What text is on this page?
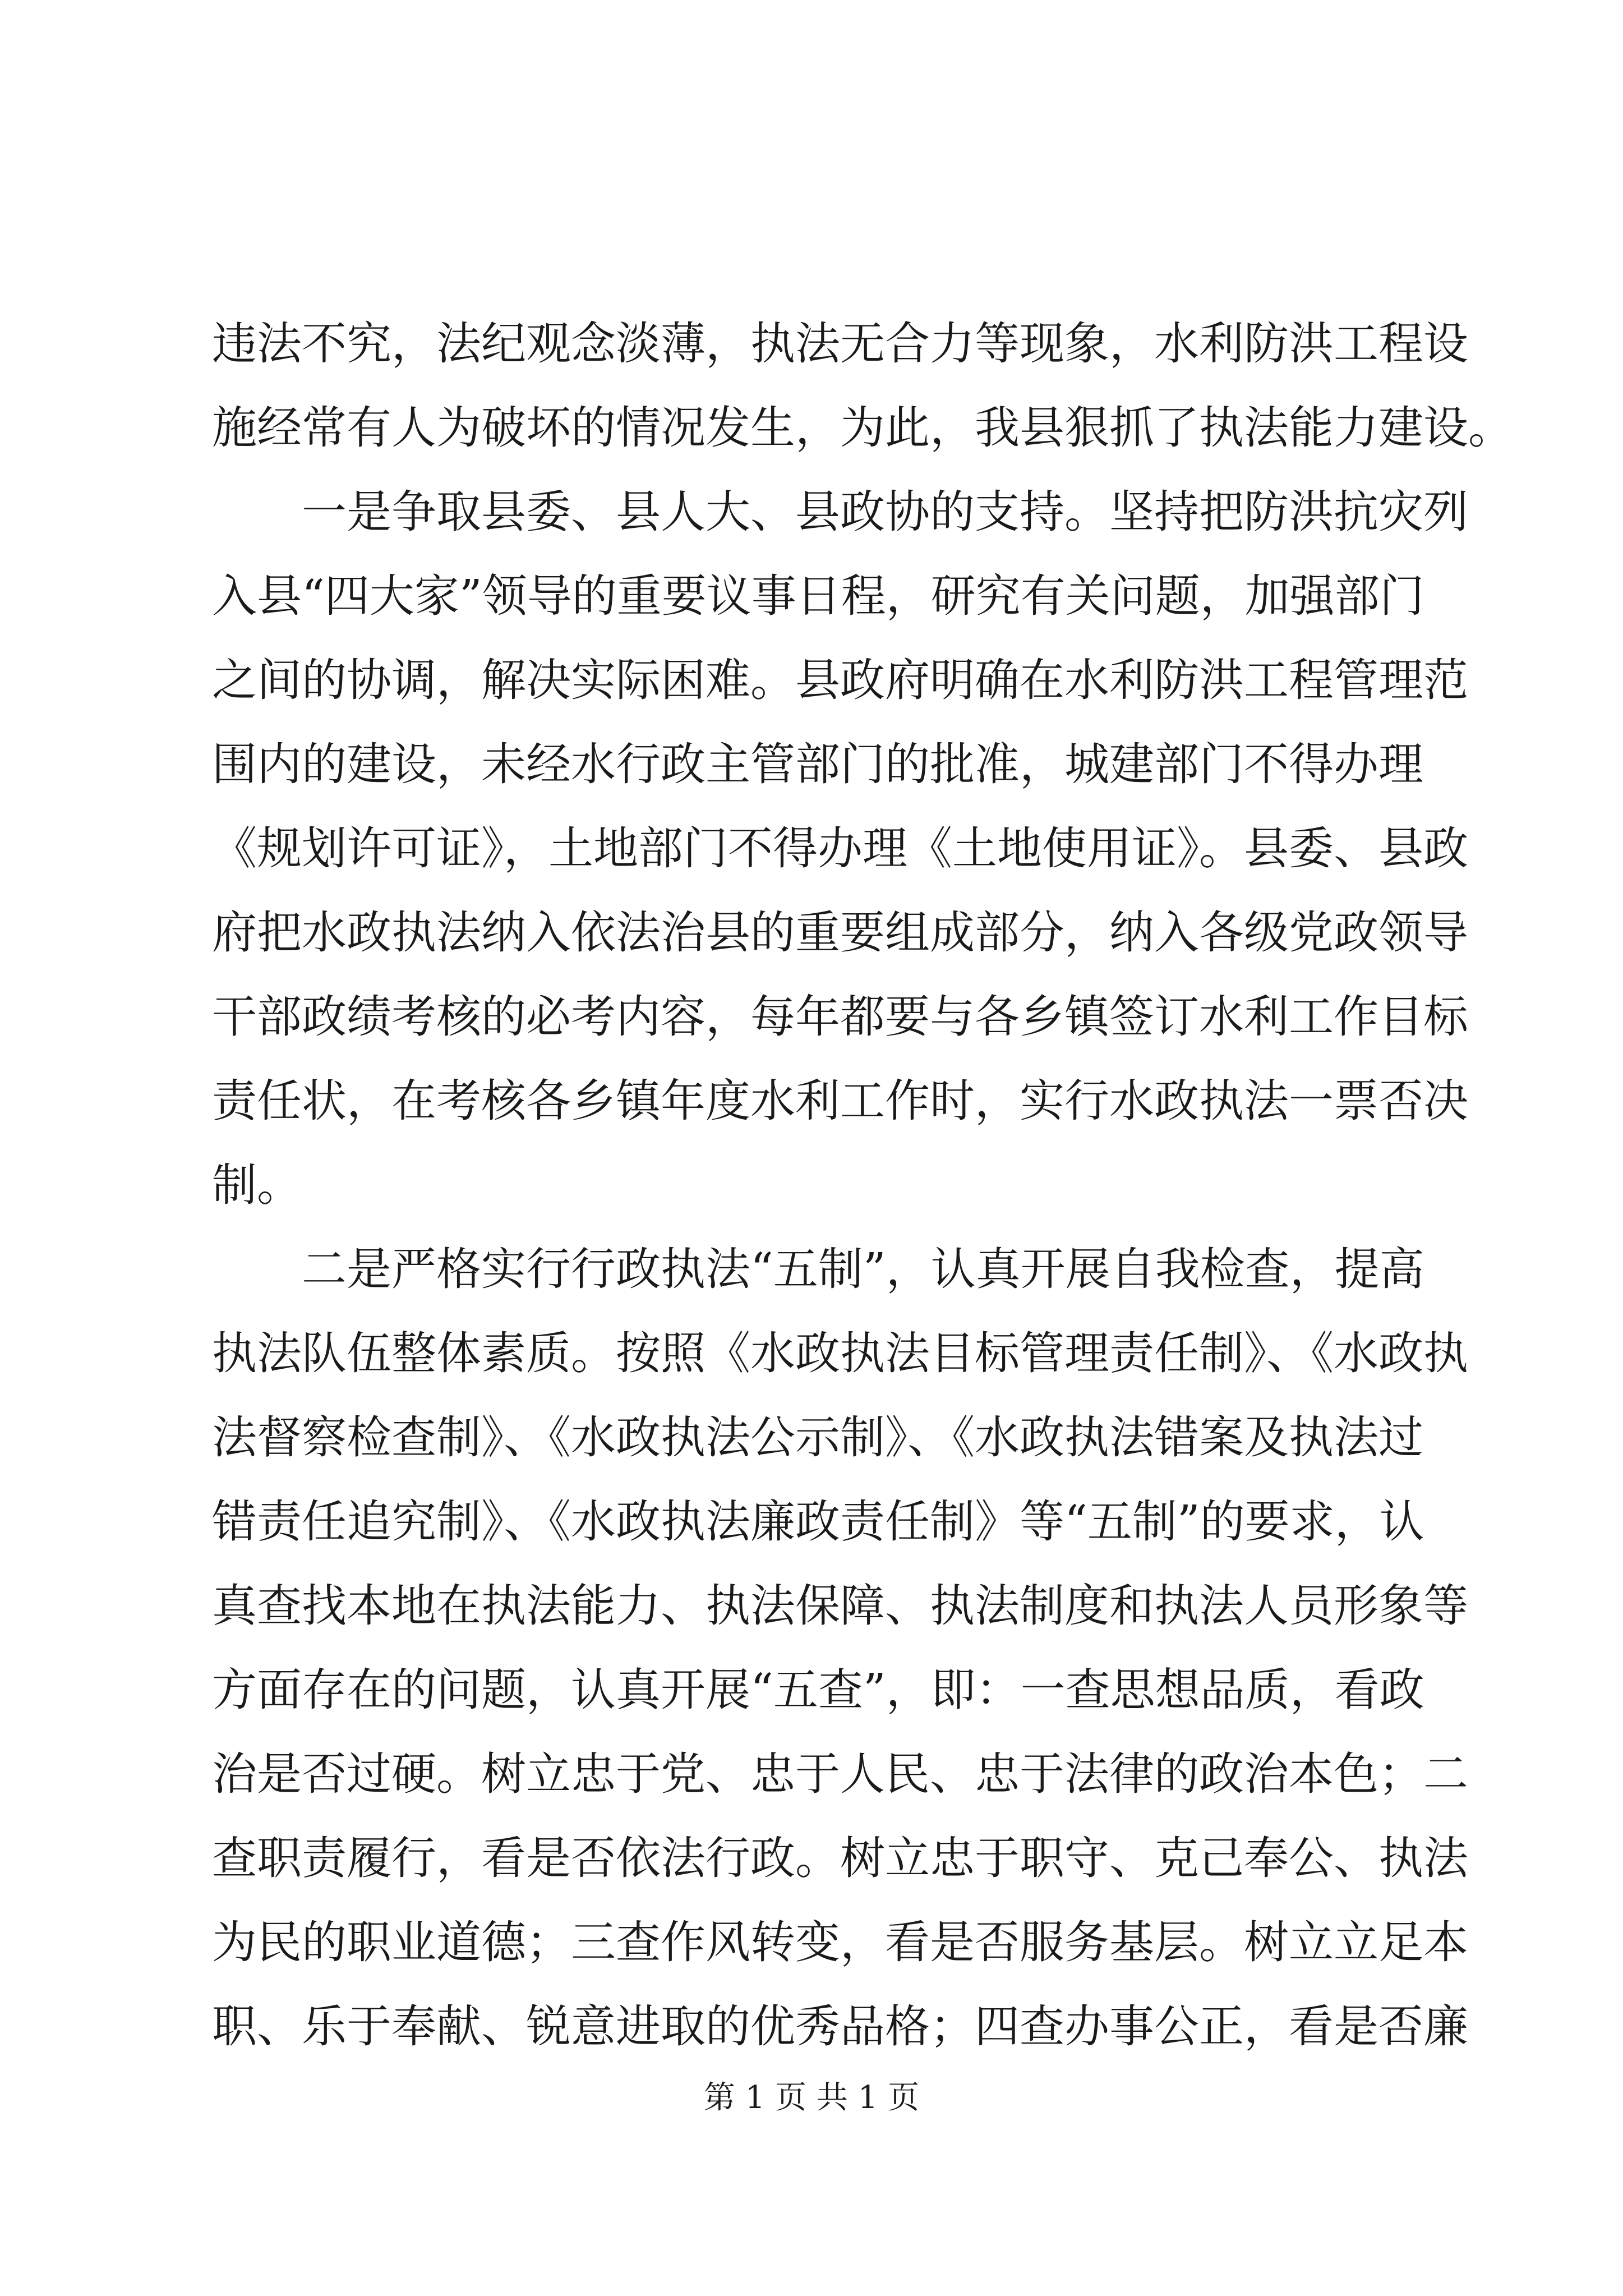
违法不究，法纪观念淡薄，执法无合力等现象，水利防洪工程设
施经常有人为破坏的情况发生，为此，我县狠抓了执法能力建设。
一是争取县委、县人大、县政协的支持。坚持把防洪抗灾列
入县“四大家”领导的重要议事日程，研究有关问题，加强部门
之间的协调，解决实际困难。县政府明确在水利防洪工程管理范
围内的建设，未经水行政主管部门的批准，城建部门不得办理
《规划许可证》，土地部门不得办理《土地使用证》。县委、县政
府把水政执法纳入依法治县的重要组成部分，纳入各级党政领导
干部政绩考核的必考内容，每年都要与各乡镇签订水利工作目标
责任状，在考核各乡镇年度水利工作时，实行水政执法一票否决
制。
二是严格实行行政执法“五制”，认真开展自我检查，提高
执法队伍整体素质。按照《水政执法目标管理责任制》、《水政执
法督察检查制》、《水政执法公示制》、《水政执法错案及执法过
错责任追究制》、《水政执法廉政责任制》等“五制”的要求，认
真查找本地在执法能力、执法保障、执法制度和执法人员形象等
方面存在的问题，认真开展“五查”，即：一查思想品质，看政
治是否过硬。树立忠于党、忠于人民、忠于法律的政治本色；二
查职责履行，看是否依法行政。树立忠于职守、克己奉公、执法
为民的职业道德；三查作风转变，看是否服务基层。树立立足本
职、乐于奉献、锐意进取的优秀品格；四查办事公正，看是否廉
第 1 页 共 1 页
